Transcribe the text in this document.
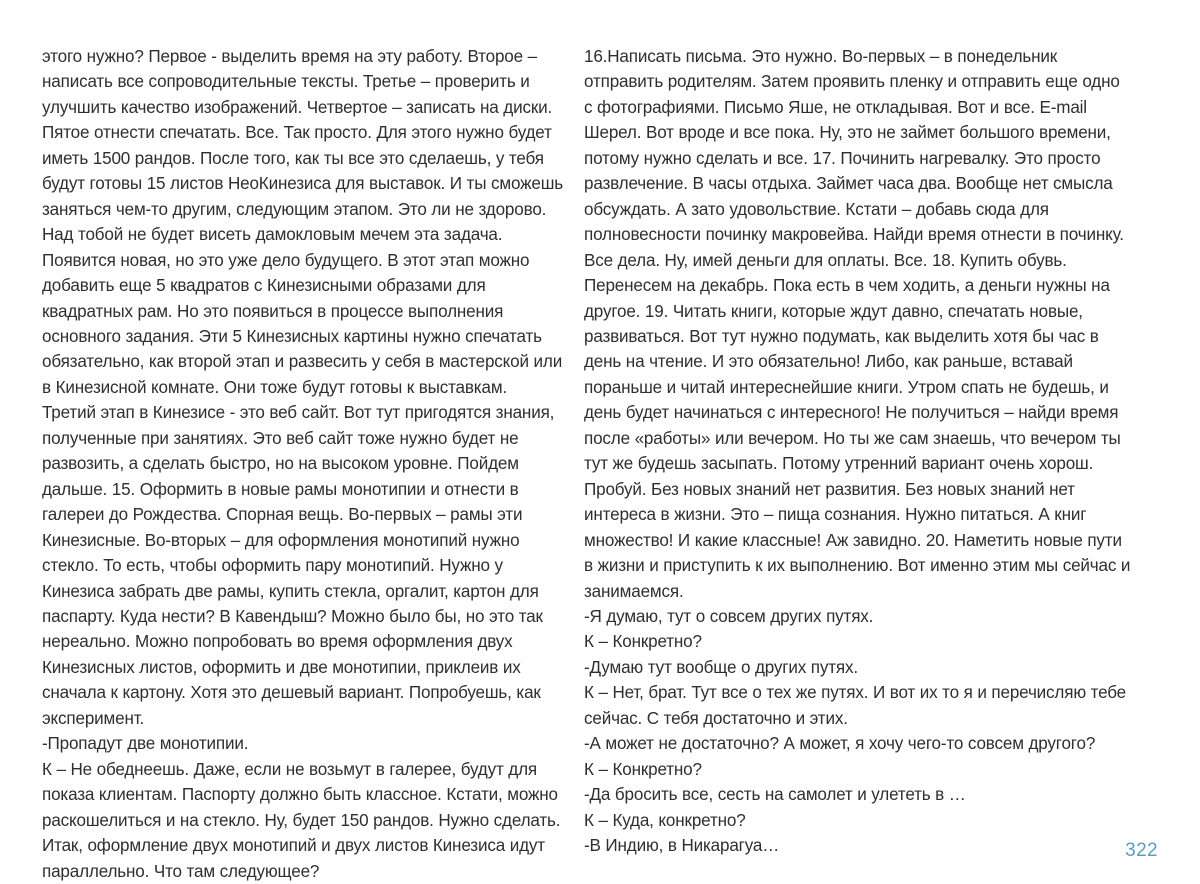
этого нужно? Первое - выделить время на эту работу. Второе – написать все сопроводительные тексты. Третье – проверить и улучшить качество изображений. Четвертое – записать на диски. Пятое отнести спечатать. Все. Так просто. Для этого нужно будет иметь 1500 рандов. После того, как ты все это сделаешь, у тебя будут готовы 15 листов НеоКинезиса для выставок. И ты сможешь заняться чем-то другим, следующим этапом. Это ли не здорово. Над тобой не будет висеть дамокловым мечем эта задача. Появится новая, но это уже дело будущего. В этот этап можно добавить еще 5 квадратов с Кинезисными образами для квадратных рам. Но это появиться в процессе выполнения основного задания. Эти 5 Кинезисных картины нужно спечатать обязательно, как второй этап и развесить у себя в мастерской или в Кинезисной комнате. Они тоже будут готовы к выставкам. Третий этап в Кинезисе - это веб сайт. Вот тут пригодятся знания, полученные при занятиях. Это веб сайт тоже нужно будет не развозить, а сделать быстро, но на высоком уровне. Пойдем дальше. 15. Оформить в новые рамы монотипии и отнести в галереи до Рождества. Спорная вещь. Во-первых – рамы эти Кинезисные. Во-вторых – для оформления монотипий нужно стекло. То есть, чтобы оформить пару монотипий. Нужно у Кинезиса забрать две рамы, купить стекла, оргалит, картон для паспарту. Куда нести? В Кавендыш? Можно было бы, но это так нереально. Можно попробовать во время оформления двух Кинезисных листов, оформить и две монотипии, приклеив их сначала к картону. Хотя это дешевый вариант. Попробуешь, как эксперимент.

-Пропадут две монотипии.

К – Не обеднеешь. Даже, если не возьмут в галерее, будут для показа клиентам. Паспорту должно быть классное. Кстати, можно раскошелиться и на стекло. Ну, будет 150 рандов. Нужно сделать. Итак, оформление двух монотипий и двух листов Кинезиса идут параллельно. Что там следующее?

16.Написать письма. Это нужно. Во-первых – в понедельник отправить родителям. Затем проявить пленку и отправить еще одно с фотографиями. Письмо Яше, не откладывая. Вот и все. E-mail Шерел. Вот вроде и все пока. Ну, это не займет большого времени, потому нужно сделать и все. 17. Починить нагревалку. Это просто развлечение. В часы отдыха. Займет часа два. Вообще нет смысла обсуждать. А зато удовольствие. Кстати – добавь сюда для полновесности починку макровейва. Найди время отнести в починку. Все дела. Ну, имей деньги для оплаты. Все. 18. Купить обувь. Перенесем на декабрь. Пока есть в чем ходить, а деньги нужны на другое. 19. Читать книги, которые ждут давно, спечатать новые, развиваться. Вот тут нужно подумать, как выделить хотя бы час в день на чтение. И это обязательно! Либо, как раньше, вставай пораньше и читай интереснейшие книги. Утром спать не будешь, и день будет начинаться с интересного! Не получиться – найди время после «работы» или вечером. Но ты же сам знаешь, что вечером ты тут же будешь засыпать. Потому утренний вариант очень хорош. Пробуй. Без новых знаний нет развития. Без новых знаний нет интереса в жизни. Это – пища сознания. Нужно питаться. А книг множество! И какие классные! Аж завидно. 20. Наметить новые пути в жизни и приступить к их выполнению. Вот именно этим мы сейчас и занимаемся.

-Я думаю, тут о совсем других путях.

К – Конкретно?

-Думаю тут вообще о других путях.

К – Нет, брат. Тут все о тех же путях. И вот их то я и перечисляю тебе сейчас. С тебя достаточно и этих.

-А может не достаточно? А может, я хочу чего-то совсем другого?

К – Конкретно?

-Да бросить все, сесть на самолет и улететь в …

К – Куда, конкретно?

-В Индию, в Никарагуа…	322
